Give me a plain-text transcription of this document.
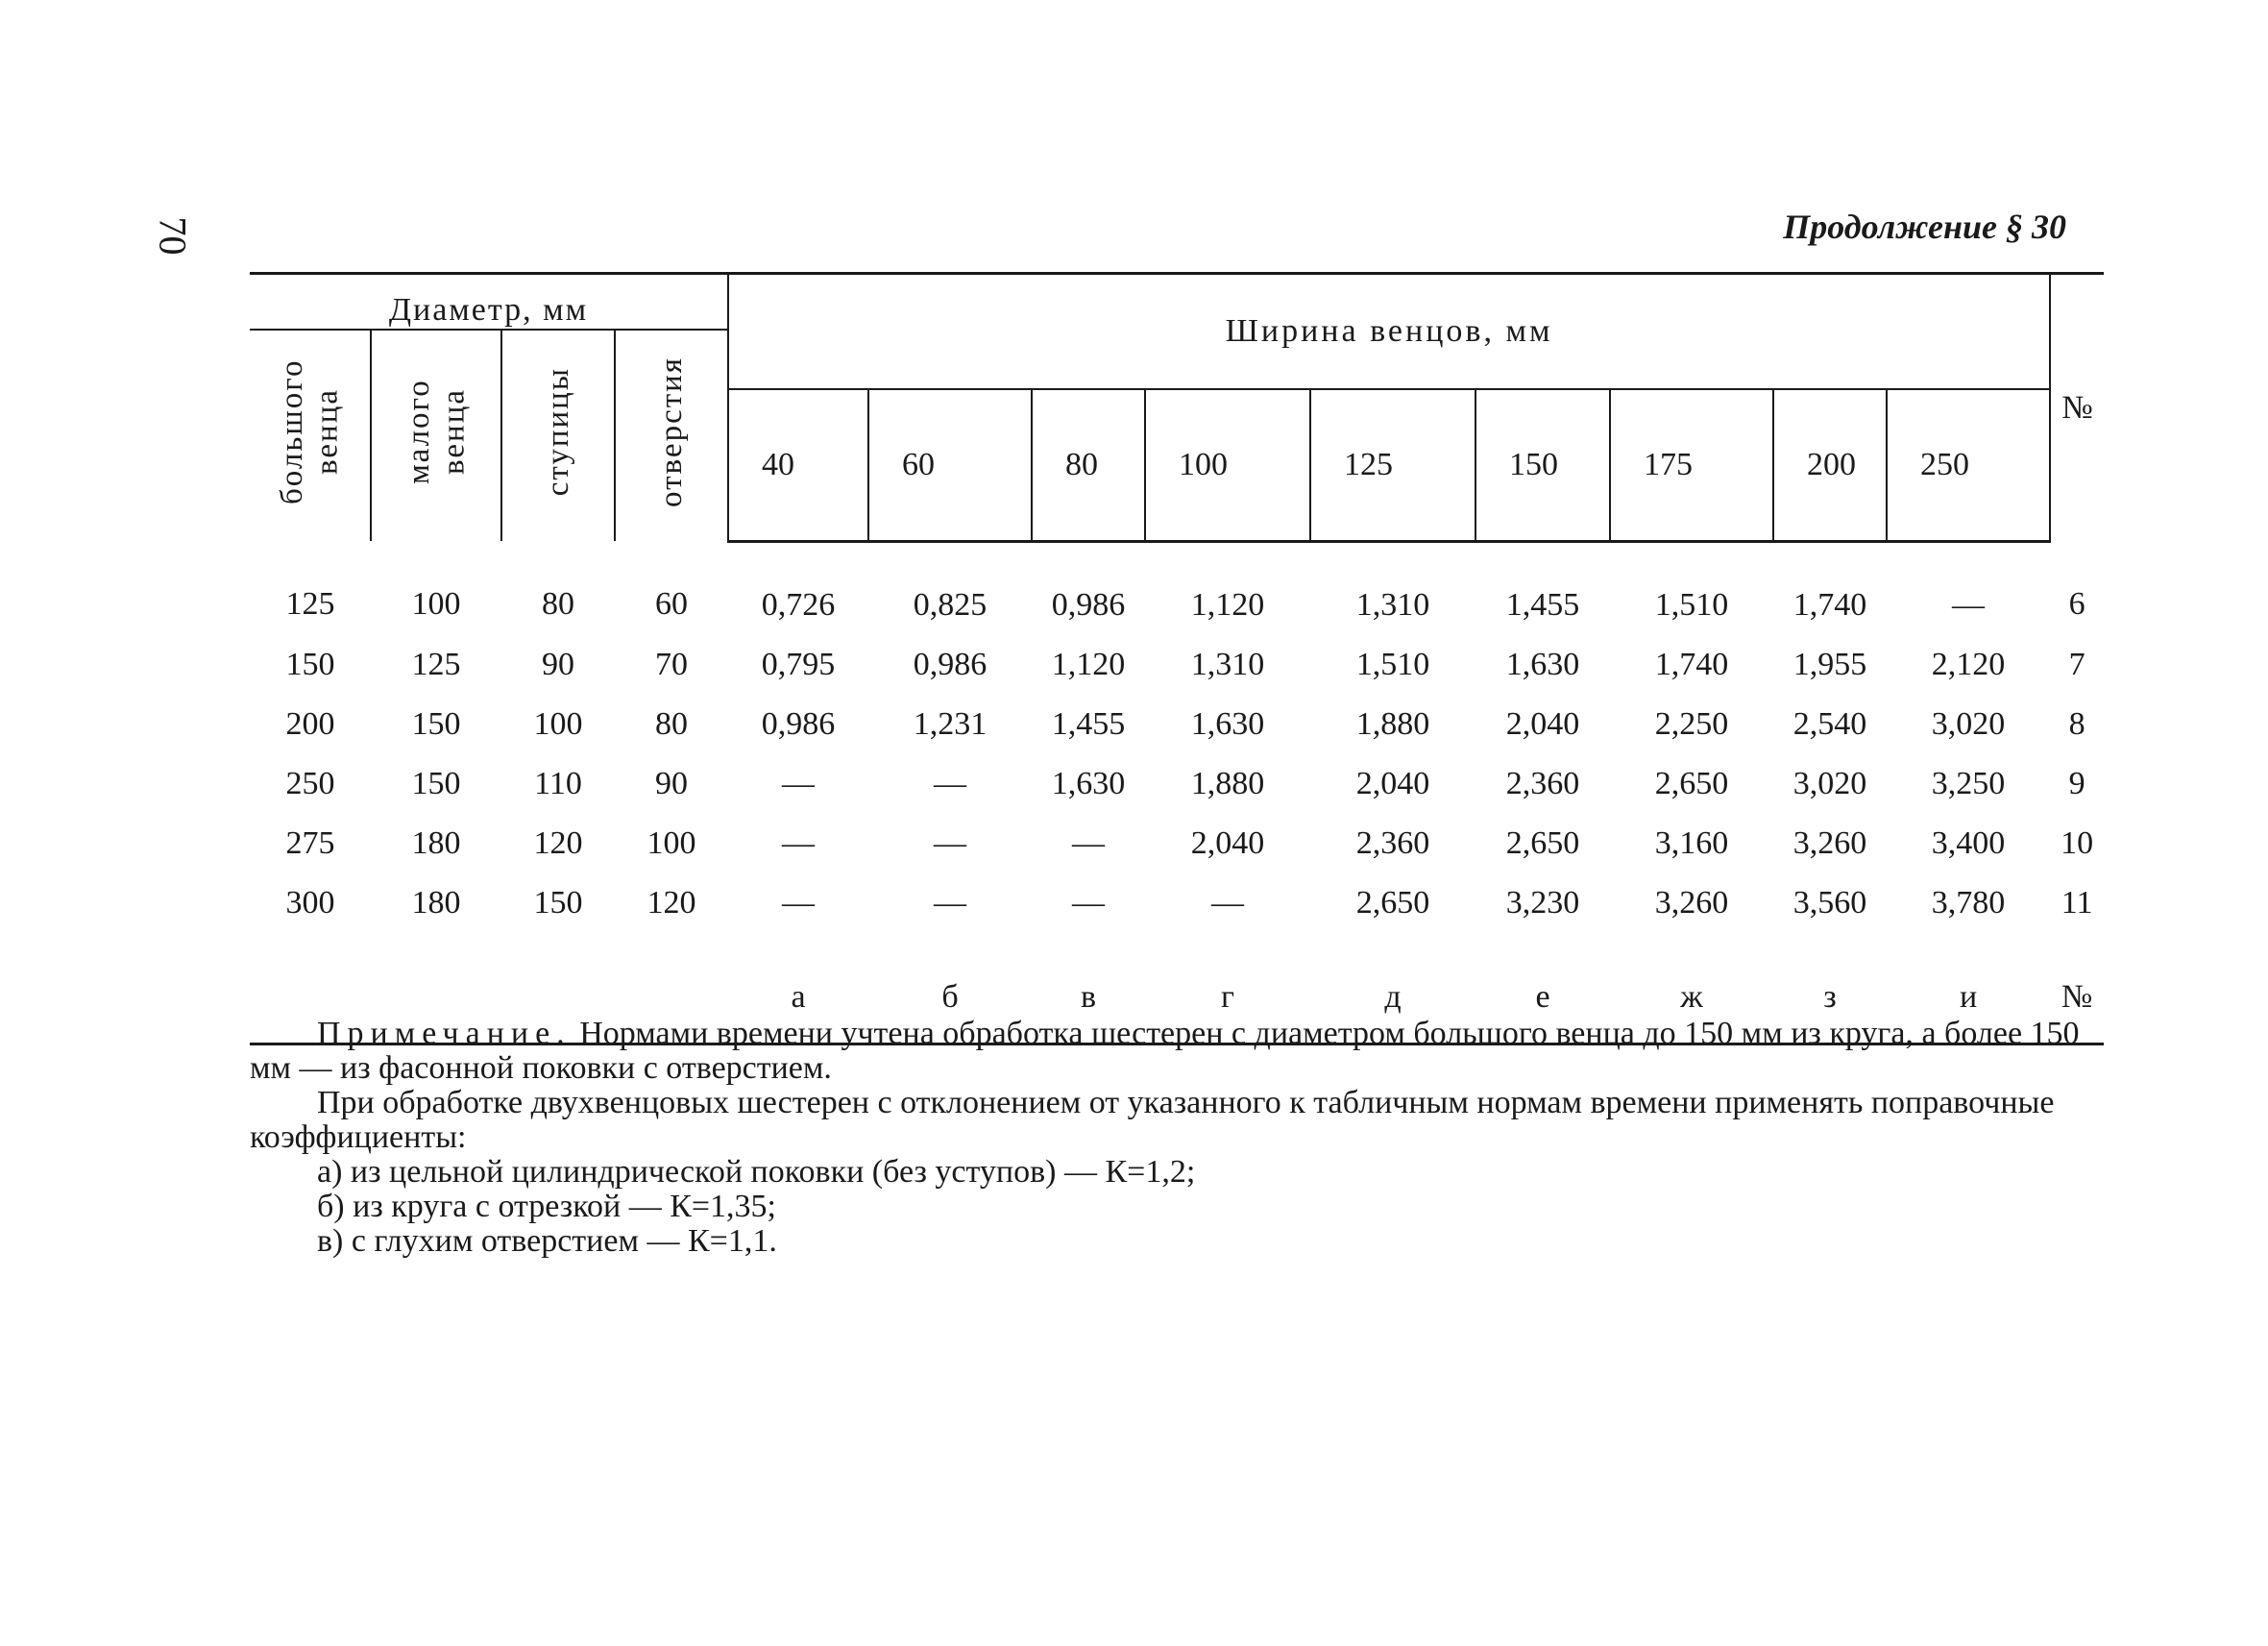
70	Продолжение § 30
Диаметр, мм				Ширина венцов, мм									№
большого венца	малого венца	ступицы	отверстия										
				40	60	80	100	125	150	175	200	250	
125	100	80	60	0,726	0,825	0,986	1,120	1,310	1,455	1,510	1,740	—	6
150	125	90	70	0,795	0,986	1,120	1,310	1,510	1,630	1,740	1,955	2,120	7
200	150	100	80	0,986	1,231	1,455	1,630	1,880	2,040	2,250	2,540	3,020	8
250	150	110	90	—	—	1,630	1,880	2,040	2,360	2,650	3,020	3,250	9
275	180	120	100	—	—	—	2,040	2,360	2,650	3,160	3,260	3,400	10
300	180	150	120	—	—	—	—	2,650	3,230	3,260	3,560	3,780	11
				а	б	в	г	д	е	ж	з	и	№

Примечание. Нормами времени учтена обработка шестерен с диаметром большого венца до 150 мм из круга, а более 150 мм — из фасонной поковки с отверстием.

При обработке двухвенцовых шестерен с отклонением от указанного к табличным нормам времени применять поправочные коэффициенты:

а) из цельной цилиндрической поковки (без уступов) — К=1,2;

б) из круга с отрезкой — К=1,35;

в) с глухим отверстием — К=1,1.
